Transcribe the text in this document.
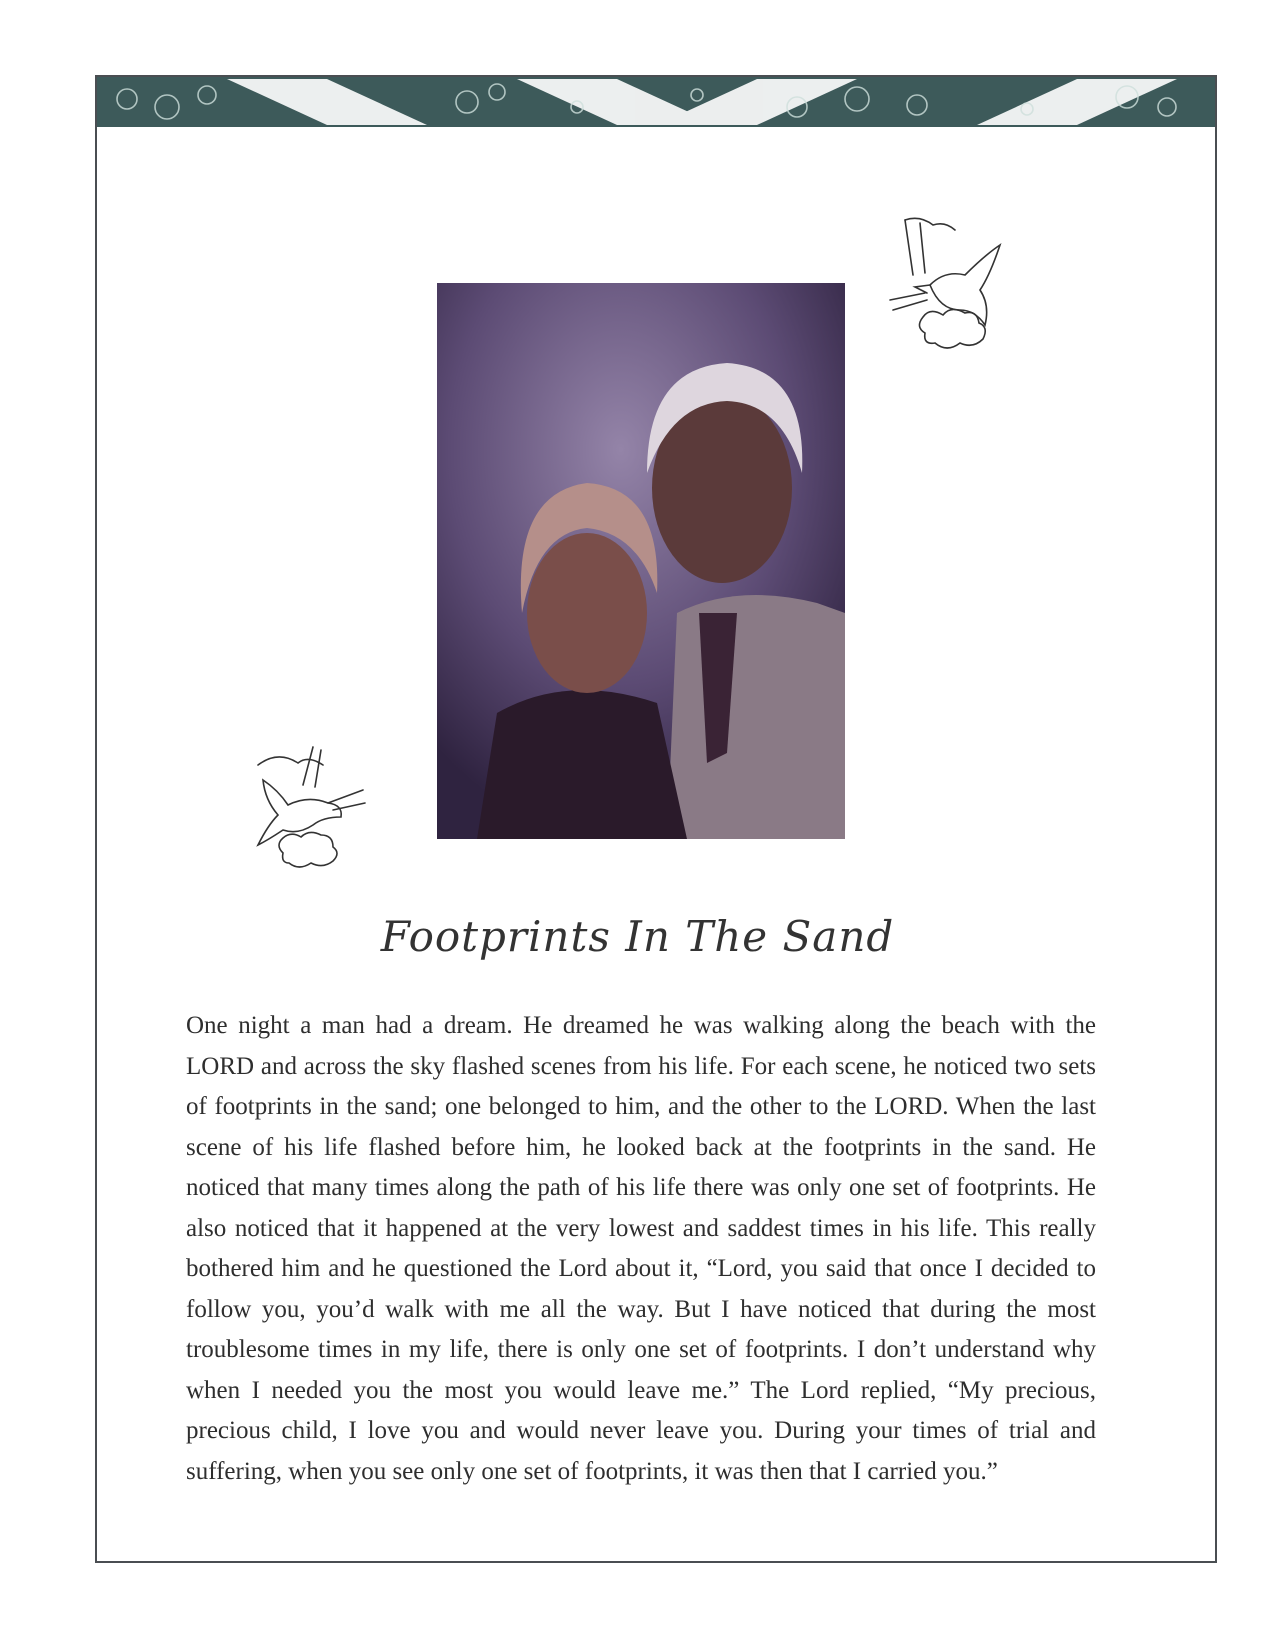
Footprints In The Sand

One night a man had a dream. He dreamed he was walking along the beach with the LORD and across the sky flashed scenes from his life. For each scene, he noticed two sets of footprints in the sand; one belonged to him, and the other to the LORD. When the last scene of his life flashed before him, he looked back at the footprints in the sand. He noticed that many times along the path of his life there was only one set of footprints. He also noticed that it happened at the very lowest and saddest times in his life. This really bothered him and he questioned the Lord about it, “Lord, you said that once I decided to follow you, you’d walk with me all the way. But I have noticed that during the most troublesome times in my life, there is only one set of footprints. I don’t understand why when I needed you the most you would leave me.” The Lord replied, “My precious, precious child, I love you and would never leave you. During your times of trial and suffering, when you see only one set of footprints, it was then that I carried you.”
